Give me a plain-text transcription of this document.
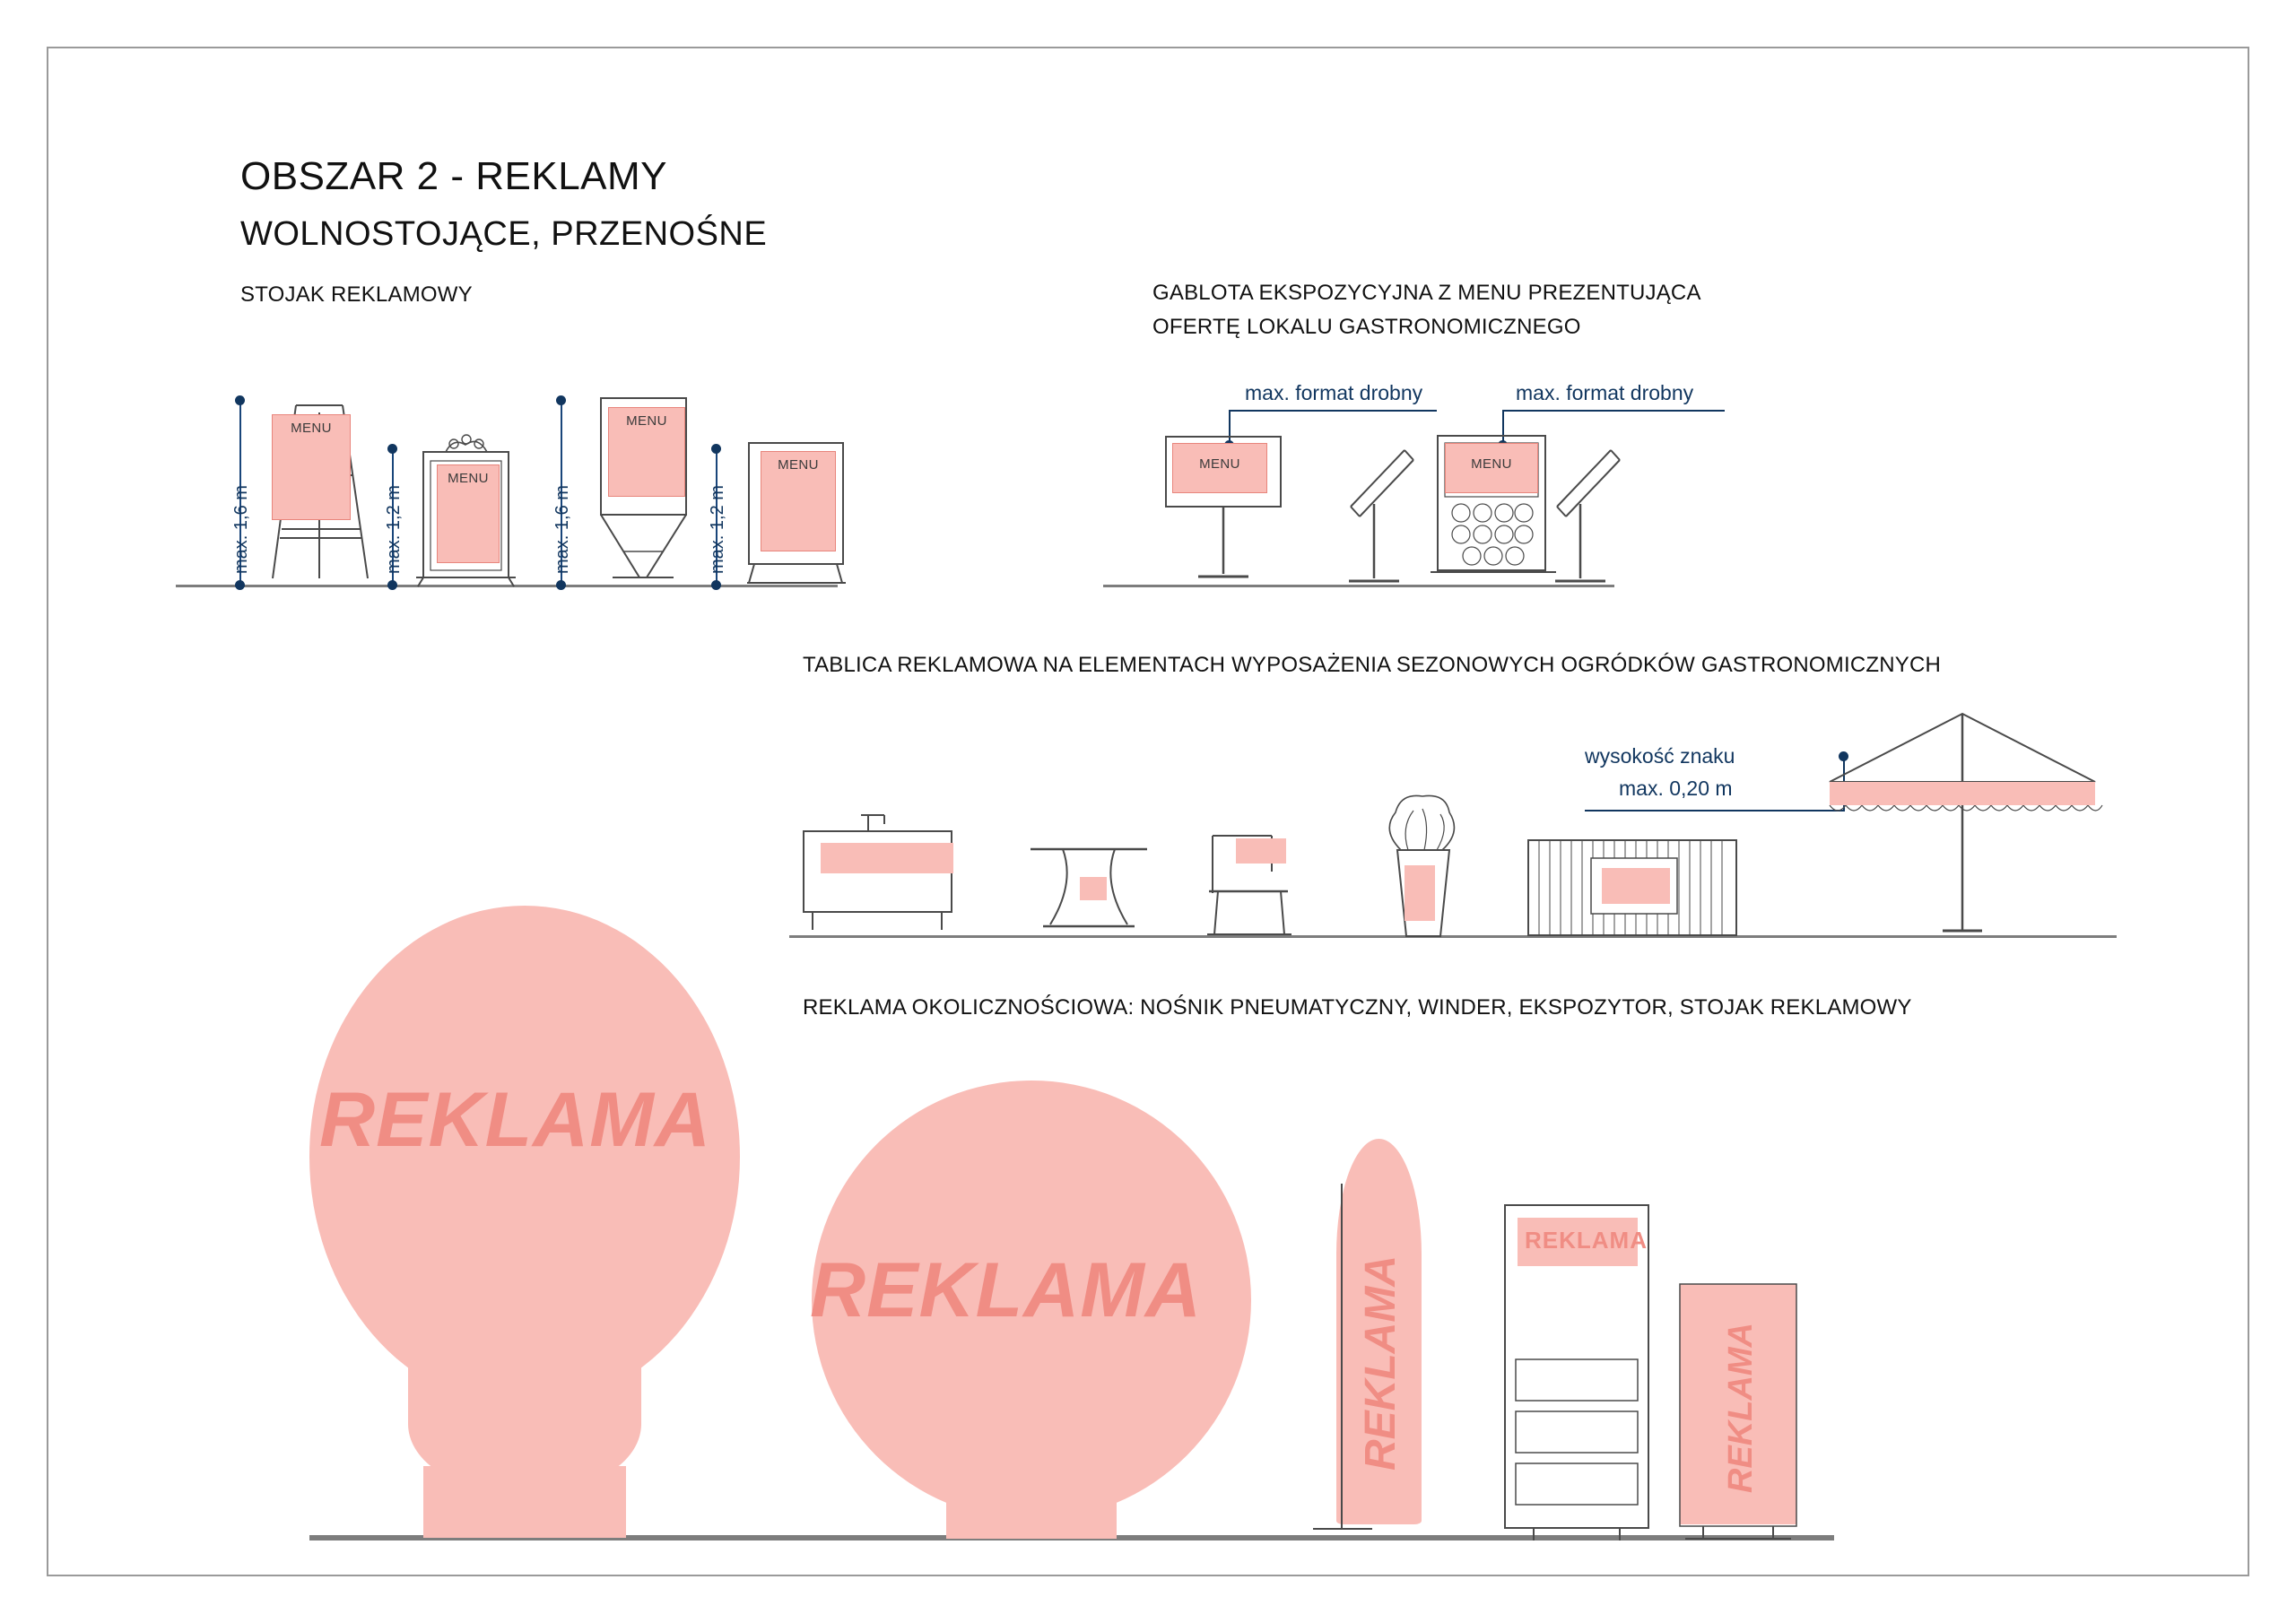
OBSZAR 2 - REKLAMY
WOLNOSTOJĄCE, PRZENOŚNE
STOJAK REKLAMOWY	GABLOTA EKSPOZYCYJNA Z MENU PREZENTUJĄCA
OFERTĘ LOKALU GASTRONOMICZNEGO
TABLICA REKLAMOWA NA ELEMENTACH WYPOSAŻENIA SEZONOWYCH OGRÓDKÓW GASTRONOMICZNYCH
REKLAMA OKOLICZNOŚCIOWA: NOŚNIK PNEUMATYCZNY, WINDER, EKSPOZYTOR, STOJAK REKLAMOWY
max. 1,6 m
MENU
max. 1,2 m
MENU
max. 1,6 m
MENU
max. 1,2 m
MENU
max. format drobny
MENU
max. format drobny
MENU
wysokość znaku
max. 0,20 m
REKLAMA
REKLAMA	REKLAMA
REKLAMA
REKLAMA
